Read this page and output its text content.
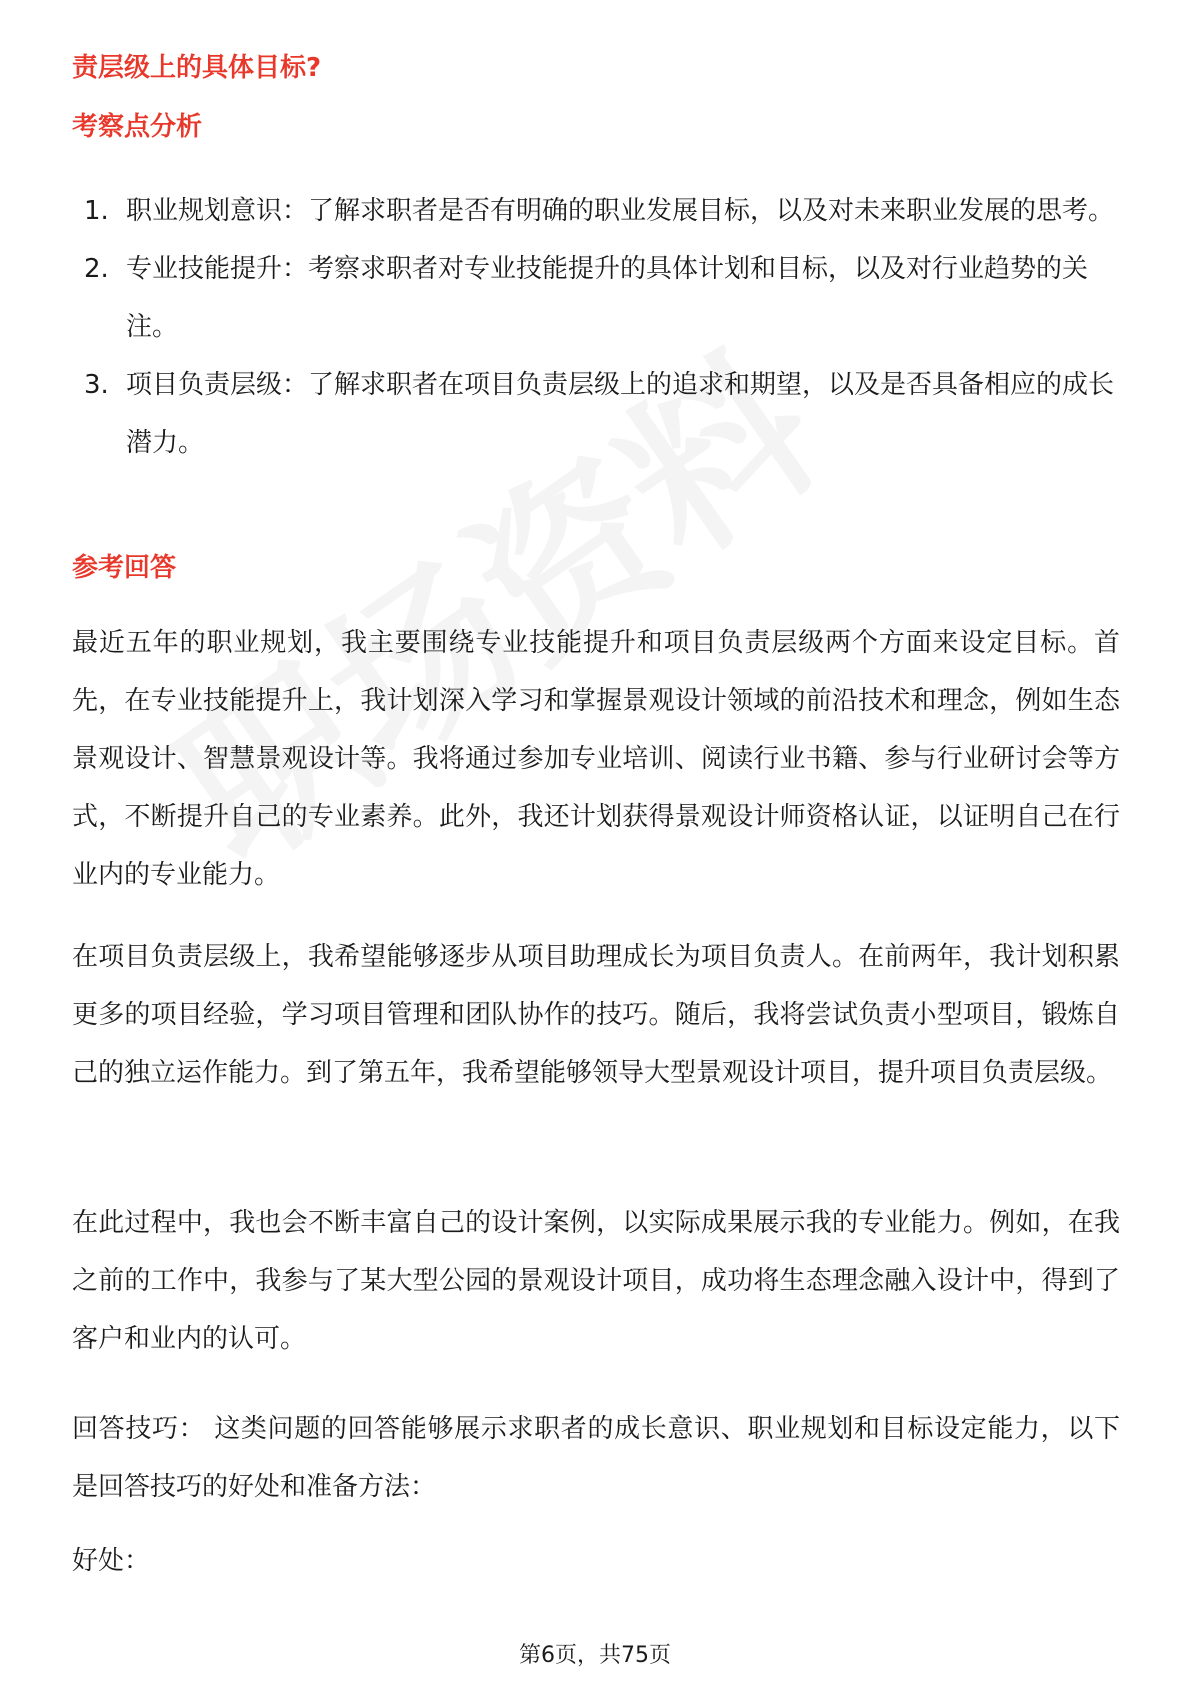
责层级上的具体目标?
考察点分析
1. 职业规划意识：了解求职者是否有明确的职业发展目标，以及对未来职业发展的思考。
2. 专业技能提升：考察求职者对专业技能提升的具体计划和目标，以及对行业趋势的关注。
3. 项目负责层级：了解求职者在项目负责层级上的追求和期望，以及是否具备相应的成长潜力。
参考回答

最近五年的职业规划，我主要围绕专业技能提升和项目负责层级两个方面来设定目标。首先，在专业技能提升上，我计划深入学习和掌握景观设计领域的前沿技术和理念，例如生态景观设计、智慧景观设计等。我将通过参加专业培训、阅读行业书籍、参与行业研讨会等方式，不断提升自己的专业素养。此外，我还计划获得景观设计师资格认证，以证明自己在行业内的专业能力。

在项目负责层级上，我希望能够逐步从项目助理成长为项目负责人。在前两年，我计划积累更多的项目经验，学习项目管理和团队协作的技巧。随后，我将尝试负责小型项目，锻炼自己的独立运作能力。到了第五年，我希望能够领导大型景观设计项目，提升项目负责层级。

在此过程中，我也会不断丰富自己的设计案例，以实际成果展示我的专业能力。例如，在我之前的工作中，我参与了某大型公园的景观设计项目，成功将生态理念融入设计中，得到了客户和业内的认可。

回答技巧： 这类问题的回答能够展示求职者的成长意识、职业规划和目标设定能力，以下是回答技巧的好处和准备方法：

好处：

第6页，共75页
